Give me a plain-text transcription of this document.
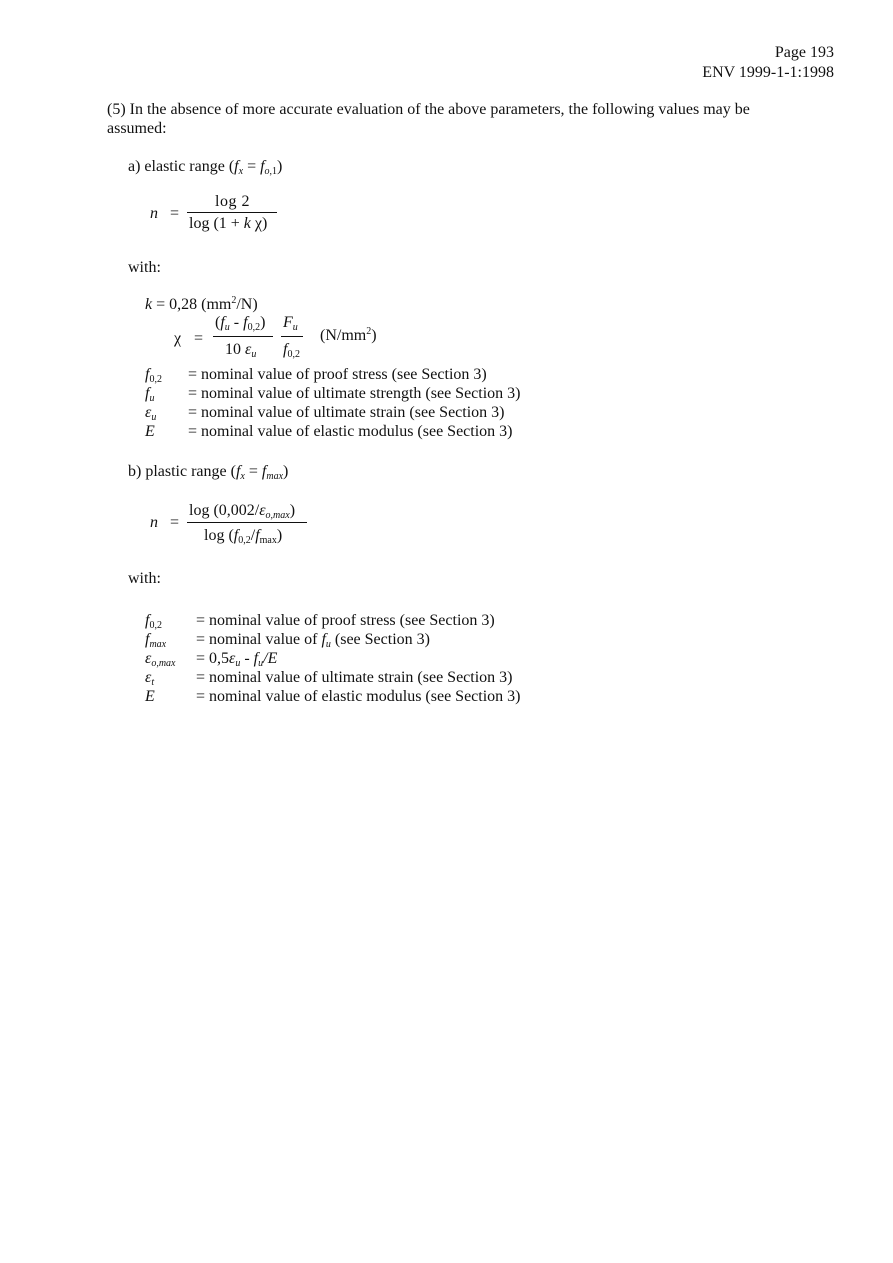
Page 193
ENV 1999-1-1:1998
(5) In the absence of more accurate evaluation of the above parameters, the following values may be assumed:
a) elastic range $(f_x = f_{o,1})$
n =
log 2
log (1 + k χ)
with:
k = 0,28 $(mm^2/N)$
χ =
$(f_u - f_{0,2})$
10 $\varepsilon_u$
$F_u$
$f_{0,2}$
$(N/mm^2)$
$f_{0,2}$ = nominal value of proof stress (see Section 3)
$f_u$ = nominal value of ultimate strength (see Section 3)
$\varepsilon_u$ = nominal value of ultimate strain (see Section 3)
E = nominal value of elastic modulus (see Section 3)
b) plastic range $(f_x = f_{max})$
n =
$\log (0,002/\varepsilon_{o,max})$
$\log (f_{0,2}/f_{max})$
with:
$f_{0,2}$ = nominal value of proof stress (see Section 3)
$f_{max}$ = nominal value of $f_u$ (see Section 3)
$\varepsilon_{o,max} = 0,5\varepsilon_u - f_u/E$
$\varepsilon_t$	= nominal value of ultimate strain (see Section 3)
E	= nominal value of elastic modulus (see Section 3)
